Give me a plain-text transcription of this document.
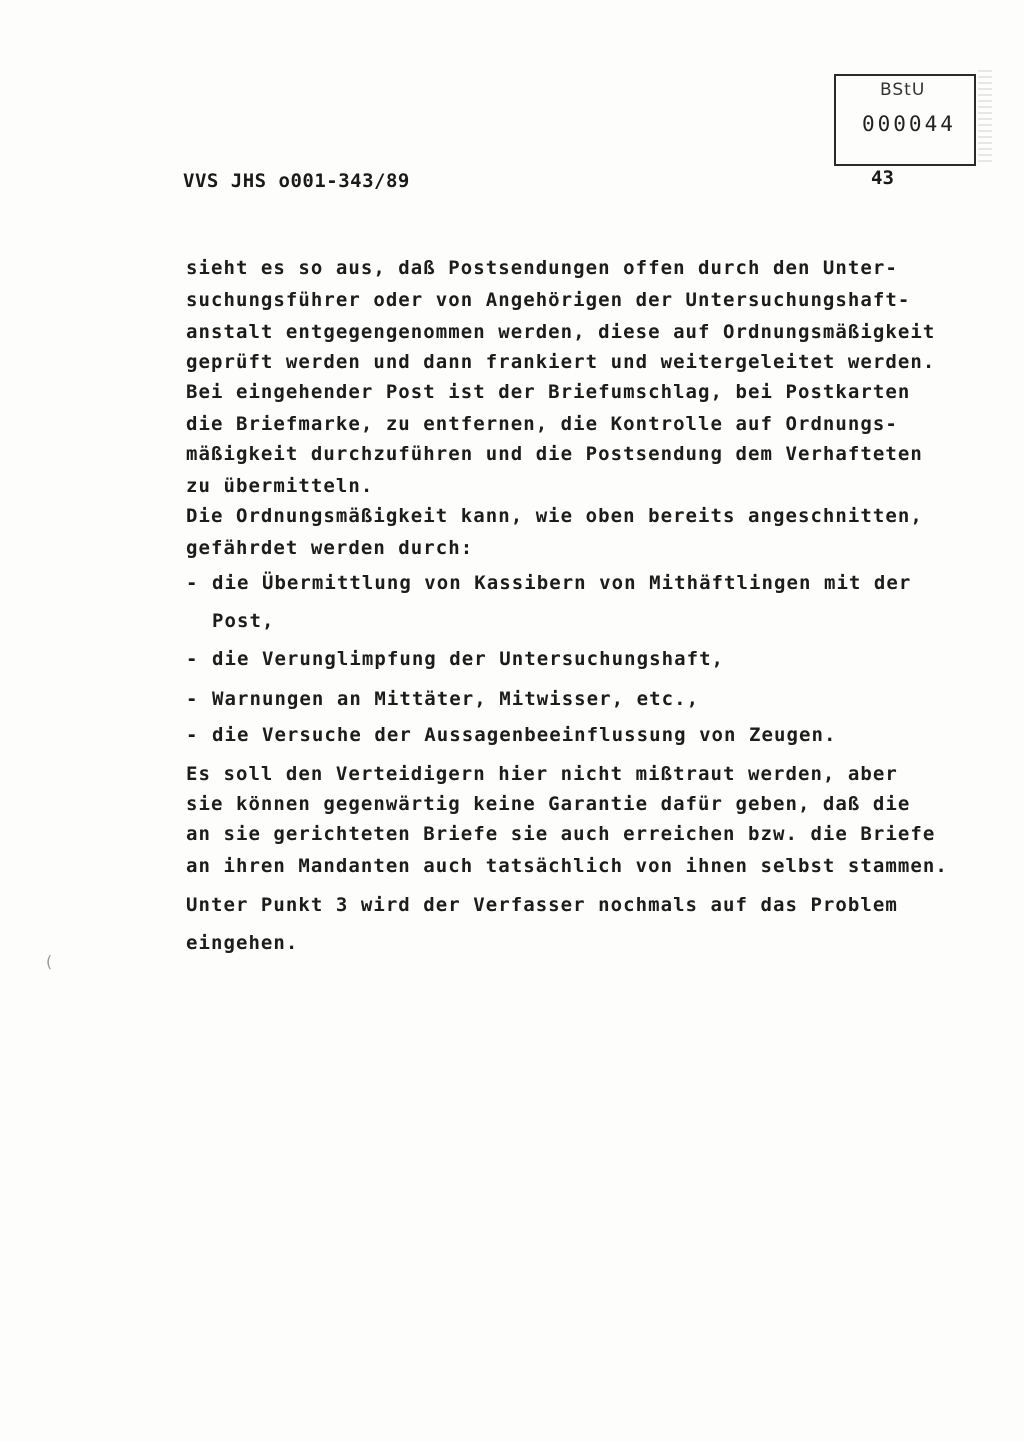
BStU
000044
VVS JHS o001-343/89	43
sieht es so aus, daß Postsendungen offen durch den Unter-
suchungsführer oder von Angehörigen der Untersuchungshaft-
anstalt entgegengenommen werden, diese auf Ordnungsmäßigkeit
geprüft werden und dann frankiert und weitergeleitet werden.
Bei eingehender Post ist der Briefumschlag, bei Postkarten
die Briefmarke, zu entfernen, die Kontrolle auf Ordnungs-
mäßigkeit durchzuführen und die Postsendung dem Verhafteten
zu übermitteln.
Die Ordnungsmäßigkeit kann, wie oben bereits angeschnitten,
gefährdet werden durch:
- die Übermittlung von Kassibern von Mithäftlingen mit der
Post,
- die Verunglimpfung der Untersuchungshaft,
- Warnungen an Mittäter, Mitwisser, etc.,
- die Versuche der Aussagenbeeinflussung von Zeugen.
Es soll den Verteidigern hier nicht mißtraut werden, aber
sie können gegenwärtig keine Garantie dafür geben, daß die
an sie gerichteten Briefe sie auch erreichen bzw. die Briefe
an ihren Mandanten auch tatsächlich von ihnen selbst stammen.
Unter Punkt 3 wird der Verfasser nochmals auf das Problem
eingehen.
(
